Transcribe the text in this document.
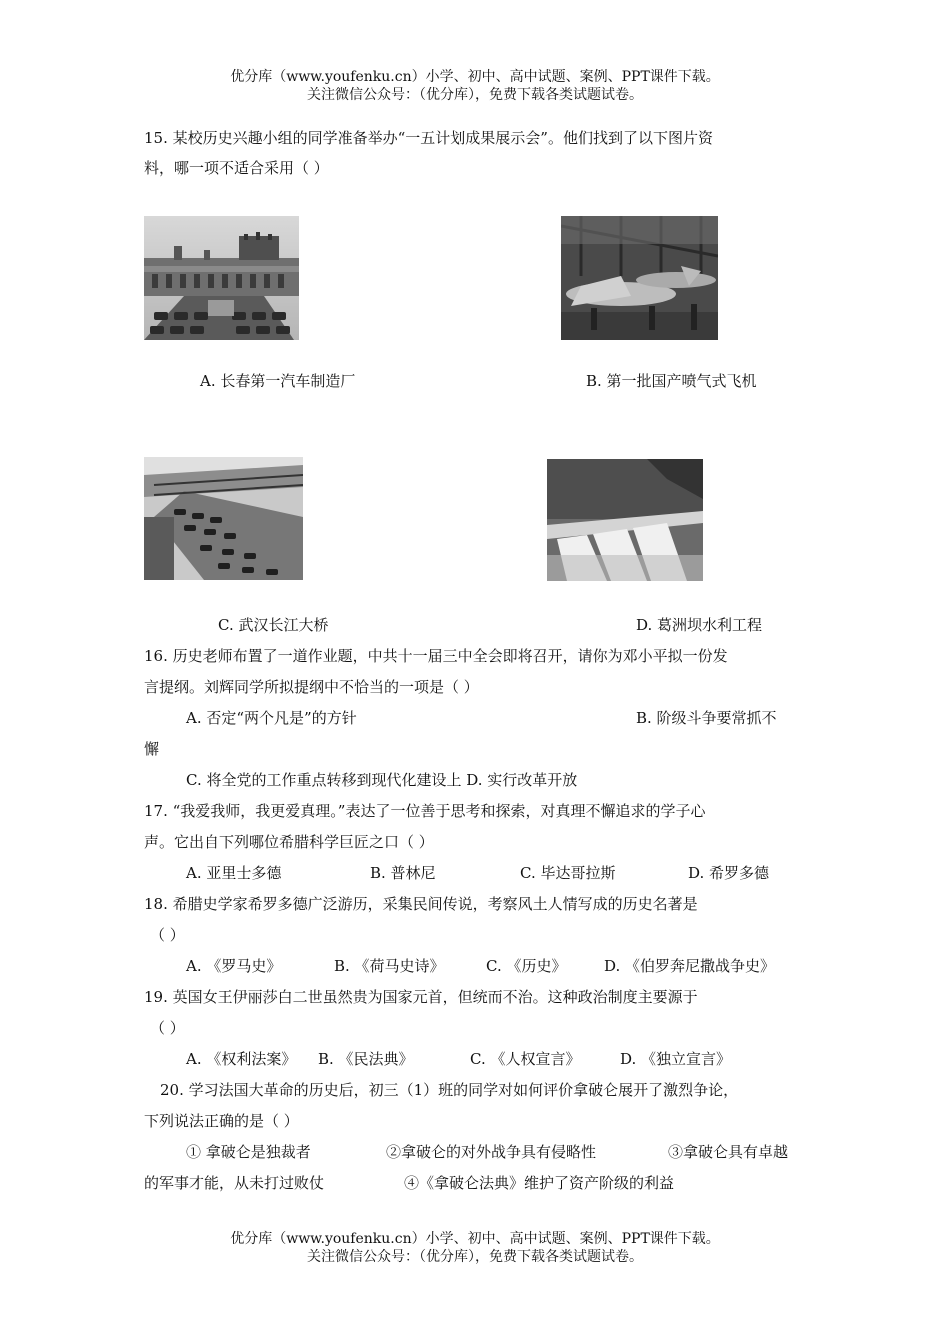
优分库（www.youfenku.cn）小学、初中、高中试题、案例、PPT课件下载。
关注微信公众号：（优分库），免费下载各类试题试卷。
15. 某校历史兴趣小组的同学准备举办“一五计划成果展示会”。他们找到了以下图片资
料，哪一项不适合采用（ ）
A. 长春第一汽车制造厂	B. 第一批国产喷气式飞机
C. 武汉长江大桥	D. 葛洲坝水利工程
16. 历史老师布置了一道作业题，中共十一届三中全会即将召开，请你为邓小平拟一份发
言提纲。刘辉同学所拟提纲中不恰当的一项是（ ）
A. 否定“两个凡是”的方针	B. 阶级斗争要常抓不
懈
C. 将全党的工作重点转移到现代化建设上 D. 实行改革开放
17. “我爱我师，我更爱真理。”表达了一位善于思考和探索，对真理不懈追求的学子心
声。它出自下列哪位希腊科学巨匠之口（ ）
A. 亚里士多德	B. 普林尼	C. 毕达哥拉斯	D. 希罗多德
18. 希腊史学家希罗多德广泛游历，采集民间传说，考察风土人情写成的历史名著是
（ ）
A. 《罗马史》	B. 《荷马史诗》	C. 《历史》	D. 《伯罗奔尼撒战争史》
19. 英国女王伊丽莎白二世虽然贵为国家元首，但统而不治。这种政治制度主要源于
（ ）
A. 《权利法案》 B. 《民法典》	C. 《人权宣言》	D. 《独立宣言》
20. 学习法国大革命的历史后，初三（1）班的同学对如何评价拿破仑展开了激烈争论，
下列说法正确的是（ ）
① 拿破仑是独裁者	②拿破仑的对外战争具有侵略性	③拿破仑具有卓越
的军事才能，从未打过败仗	④《拿破仑法典》维护了资产阶级的利益
优分库（www.youfenku.cn）小学、初中、高中试题、案例、PPT课件下载。
关注微信公众号：（优分库），免费下载各类试题试卷。
